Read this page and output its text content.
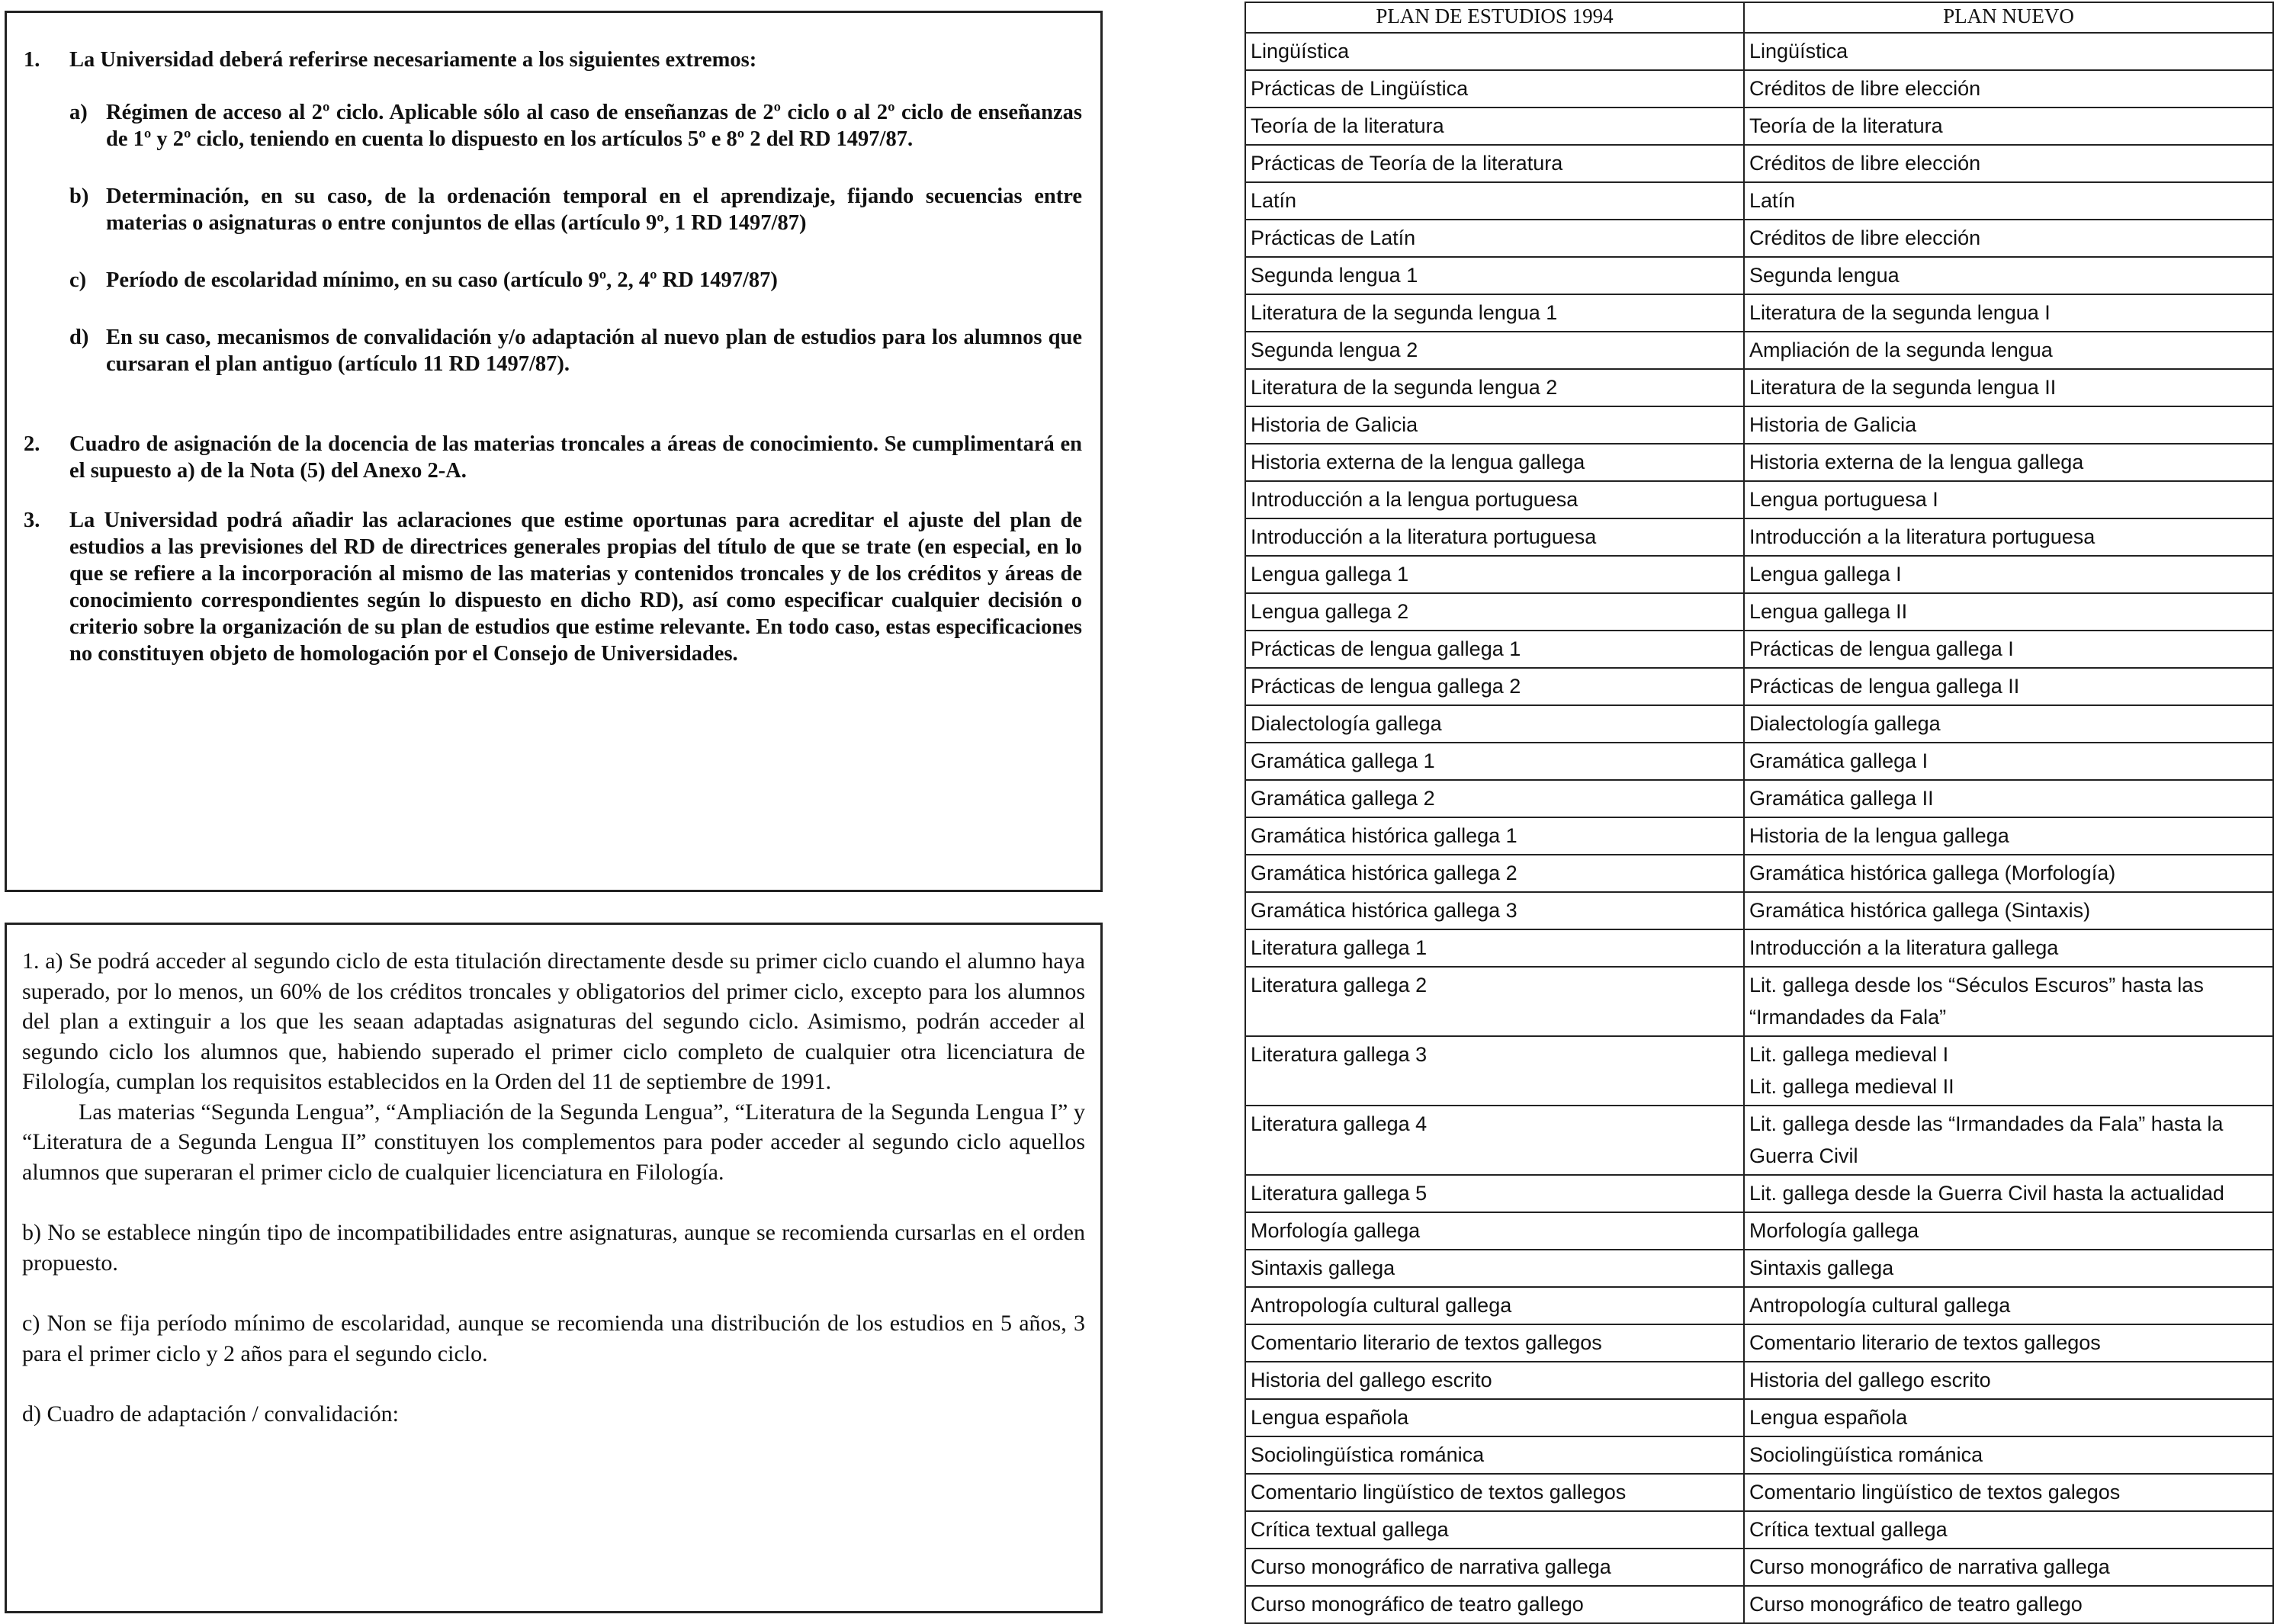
1.	La Universidad deberá referirse necesariamente a los siguientes extremos:
a) Régimen de acceso al 2º ciclo. Aplicable sólo al caso de enseñanzas de 2º ciclo o al 2º ciclo de enseñanzas de 1º y 2º ciclo, teniendo en cuenta lo dispuesto en los artículos 5º e 8º 2 del RD 1497/87.
b) Determinación, en su caso, de la ordenación temporal en el aprendizaje, fijando secuencias entre materias o asignaturas o entre conjuntos de ellas (artículo 9º, 1 RD 1497/87)
c) Período de escolaridad mínimo, en su caso (artículo 9º, 2, 4º RD 1497/87)
d) En su caso, mecanismos de convalidación y/o adaptación al nuevo plan de estudios para los alumnos que cursaran el plan antiguo (artículo 11 RD 1497/87).
2.	Cuadro de asignación de la docencia de las materias troncales a áreas de conocimiento. Se cumplimentará en el supuesto a) de la Nota (5) del Anexo 2-A.
3.	La Universidad podrá añadir las aclaraciones que estime oportunas para acreditar el ajuste del plan de estudios a las previsiones del RD de directrices generales propias del título de que se trate (en especial, en lo que se refiere a la incorporación al mismo de las materias y contenidos troncales y de los créditos y áreas de conocimiento correspondientes según lo dispuesto en dicho RD), así como especificar cualquier decisión o criterio sobre la organización de su plan de estudios que estime relevante. En todo caso, estas especificaciones no constituyen objeto de homologación por el Consejo de Universidades.

1. a) Se podrá acceder al segundo ciclo de esta titulación directamente desde su primer ciclo cuando el alumno haya superado, por lo menos, un 60% de los créditos troncales y obligatorios del primer ciclo, excepto para los alumnos del plan a extinguir a los que les seaan adaptadas asignaturas del segundo ciclo. Asimismo, podrán acceder al segundo ciclo los alumnos que, habiendo superado el primer ciclo completo de cualquier otra licenciatura de Filología, cumplan los requisitos establecidos en la Orden del 11 de septiembre de 1991.

Las materias “Segunda Lengua”, “Ampliación de la Segunda Lengua”, “Literatura de la Segunda Lengua I” y “Literatura de a Segunda Lengua II” constituyen los complementos para poder acceder al segundo ciclo aquellos alumnos que superaran el primer ciclo de cualquier licenciatura en Filología.

b) No se establece ningún tipo de incompatibilidades entre asignaturas, aunque se recomienda cursarlas en el orden propuesto.

c) Non se fija período mínimo de escolaridad, aunque se recomienda una distribución de los estudios en 5 años, 3 para el primer ciclo y 2 años para el segundo ciclo.

d) Cuadro de adaptación / convalidación:

PLAN DE ESTUDIOS 1994	PLAN NUEVO
Lingüística	Lingüística

Prácticas de Lingüística	Créditos de libre elección

Teoría de la literatura	Teoría de la literatura

Prácticas de Teoría de la literatura	Créditos de libre elección

Latín	Latín

Prácticas de Latín	Créditos de libre elección

Segunda lengua 1	Segunda lengua

Literatura de la segunda lengua 1	Literatura de la segunda lengua I

Segunda lengua 2	Ampliación de la segunda lengua

Literatura de la segunda lengua 2	Literatura de la segunda lengua II

Historia de Galicia	Historia de Galicia

Historia externa de la lengua gallega	Historia externa de la lengua gallega

Introducción a la lengua portuguesa	Lengua portuguesa I

Introducción a la literatura portuguesa	Introducción a la literatura portuguesa

Lengua gallega 1	Lengua gallega I

Lengua gallega 2	Lengua gallega II

Prácticas de lengua gallega 1	Prácticas de lengua gallega I

Prácticas de lengua gallega 2	Prácticas de lengua gallega II

Dialectología gallega	Dialectología gallega

Gramática gallega 1	Gramática gallega I

Gramática gallega 2	Gramática gallega II

Gramática histórica gallega 1	Historia de la lengua gallega

Gramática histórica gallega 2	Gramática histórica gallega (Morfología)

Gramática histórica gallega 3	Gramática histórica gallega (Sintaxis)

Literatura gallega 1	Introducción a la literatura gallega

Literatura gallega 2	Lit. gallega desde los “Séculos Escuros” hasta las “Irmandades da Fala”

Literatura gallega 3	Lit. gallega medieval I
Lit. gallega medieval II

Literatura gallega 4	Lit. gallega desde las “Irmandades da Fala” hasta la Guerra Civil

Literatura gallega 5	Lit. gallega desde la Guerra Civil hasta la actualidad

Morfología gallega	Morfología gallega

Sintaxis gallega	Sintaxis gallega

Antropología cultural gallega	Antropología cultural gallega

Comentario literario de textos gallegos	Comentario literario de textos gallegos

Historia del gallego escrito	Historia del gallego escrito

Lengua española	Lengua española

Sociolingüística románica	Sociolingüística románica

Comentario lingüístico de textos gallegos	Comentario lingüístico de textos galegos

Crítica textual gallega	Crítica textual gallega

Curso monográfico de narrativa gallega	Curso monográfico de narrativa gallega

Curso monográfico de teatro gallego	Curso monográfico de teatro gallego
